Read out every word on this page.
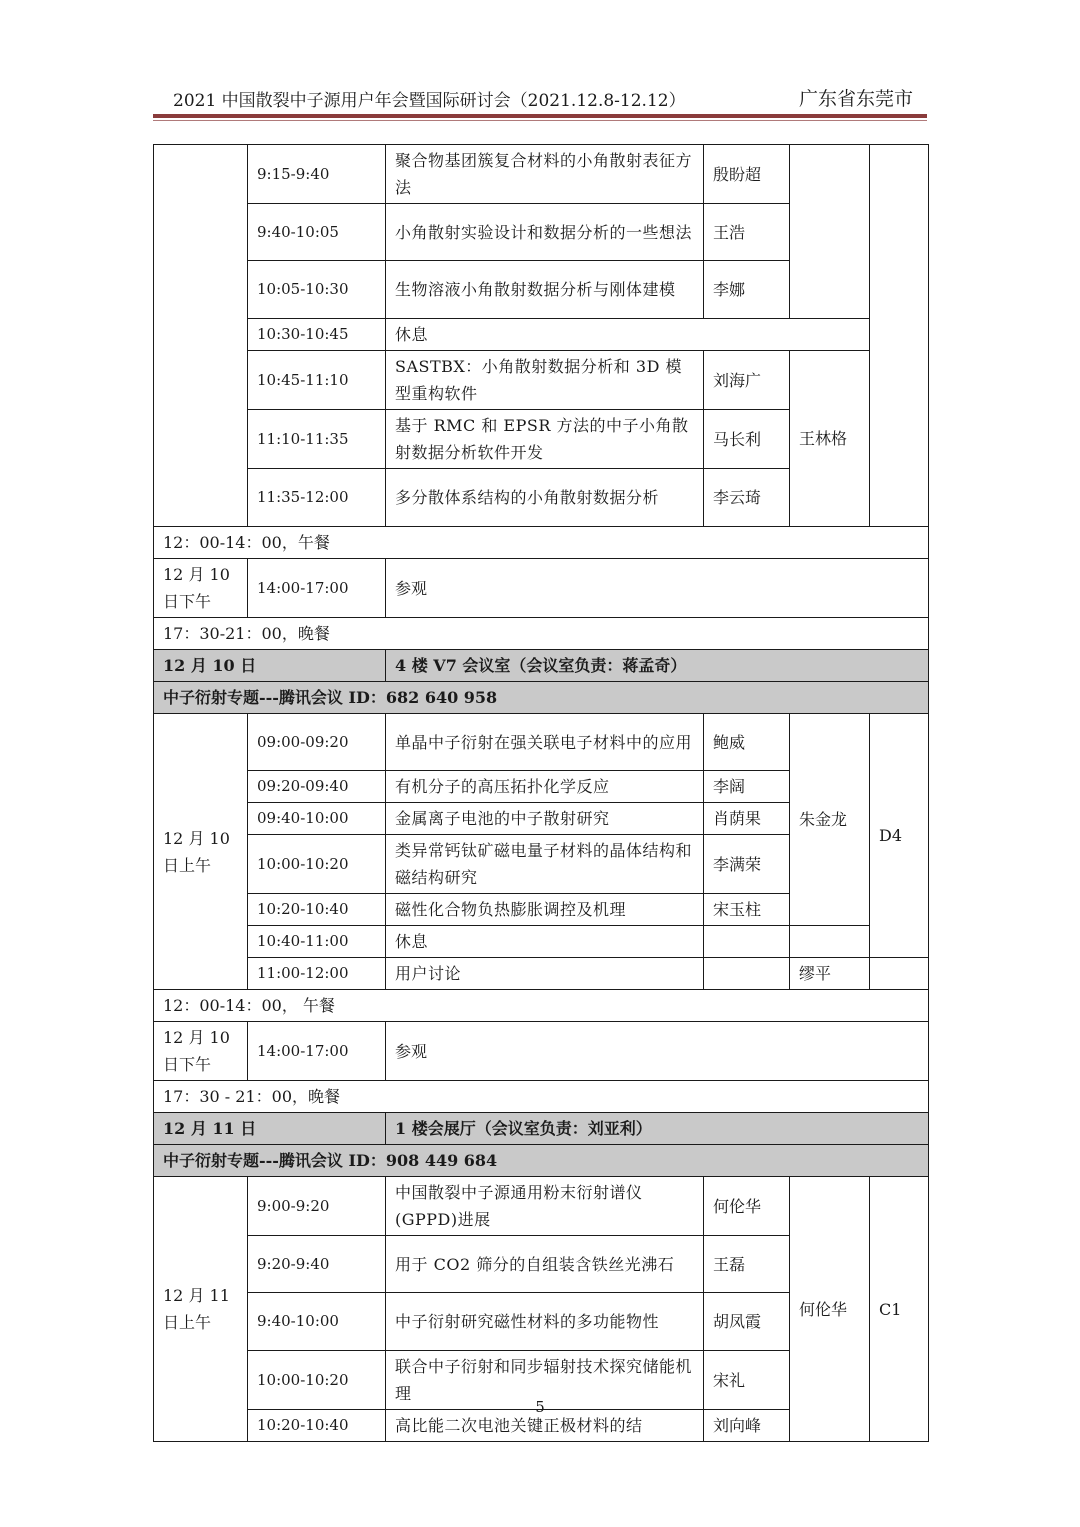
2021 中国散裂中子源用户年会暨国际研讨会（2021.12.8-12.12）	广东省东莞市
	9:15-9:40	聚合物基团簇复合材料的小角散射表征方法	殷盼超		
	9:40-10:05	小角散射实验设计和数据分析的一些想法	王浩		
	10:05-10:30	生物溶液小角散射数据分析与刚体建模	李娜		
	10:30-10:45	休息			
	10:45-11:10	SASTBX：小角散射数据分析和 3D 模型重构软件	刘海广	王林格	
	11:10-11:35	基于 RMC 和 EPSR 方法的中子小角散射数据分析软件开发	马长利		
	11:35-12:00	多分散体系结构的小角散射数据分析	李云琦		
12：00-14：00，午餐					
12 月 10 日下午	14:00-17:00	参观			
17：30-21：00，晚餐					
12 月 10 日		4 楼 V7 会议室（会议室负责：蒋孟奇）			
中子衍射专题---腾讯会议 ID：682 640 958					
12 月 10 日上午	09:00-09:20	单晶中子衍射在强关联电子材料中的应用	鲍威	朱金龙	D4
	09:20-09:40	有机分子的高压拓扑化学反应	李阔		
	09:40-10:00	金属离子电池的中子散射研究	肖荫果		
	10:00-10:20	类异常钙钛矿磁电量子材料的晶体结构和磁结构研究	李满荣		
	10:20-10:40	磁性化合物负热膨胀调控及机理	宋玉柱		
	10:40-11:00	休息			
	11:00-12:00	用户讨论		缪平	
12：00-14：00， 午餐					
12 月 10 日下午	14:00-17:00	参观			
17：30 - 21：00，晚餐					
12 月 11 日		1 楼会展厅（会议室负责：刘亚利）			
中子衍射专题---腾讯会议 ID：908 449 684					
12 月 11 日上午	9:00-9:20	中国散裂中子源通用粉末衍射谱仪(GPPD)进展	何伦华	何伦华	C1
	9:20-9:40	用于 CO2 筛分的自组装含铁丝光沸石	王磊		
	9:40-10:00	中子衍射研究磁性材料的多功能物性	胡凤霞		
	10:00-10:20	联合中子衍射和同步辐射技术探究储能机理	宋礼		
	10:20-10:40	高比能二次电池关键正极材料的结	刘向峰		
5
